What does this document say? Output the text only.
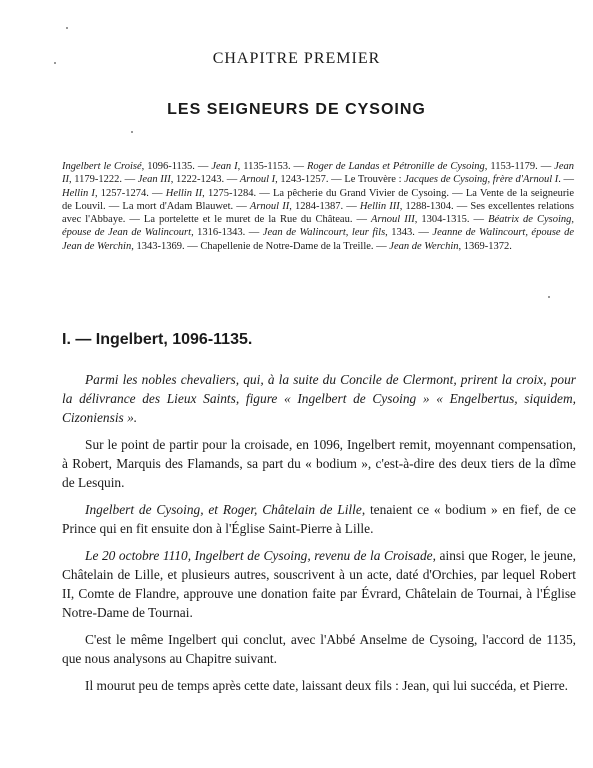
CHAPITRE PREMIER
LES SEIGNEURS DE CYSOING
Ingelbert le Croisé, 1096-1135. — Jean I, 1135-1153. — Roger de Landas et Pétronille de Cysoing, 1153-1179. — Jean II, 1179-1222. — Jean III, 1222-1243. — Arnoul I, 1243-1257. — Le Trouvère : Jacques de Cysoing, frère d'Arnoul I. — Hellin I, 1257-1274. — Hellin II, 1275-1284. — La pêcherie du Grand Vivier de Cysoing. — La Vente de la seigneurie de Louvil. — La mort d'Adam Blauwet. — Arnoul II, 1284-1387. — Hellin III, 1288-1304. — Ses excellentes relations avec l'Abbaye. — La portelette et le muret de la Rue du Château. — Arnoul III, 1304-1315. — Béatrix de Cysoing, épouse de Jean de Walincourt, 1316-1343. — Jean de Walincourt, leur fils, 1343. — Jeanne de Walincourt, épouse de Jean de Werchin, 1343-1369. — Chapellenie de Notre-Dame de la Treille. — Jean de Werchin, 1369-1372.
I. — Ingelbert, 1096-1135.

Parmi les nobles chevaliers, qui, à la suite du Concile de Clermont, prirent la croix, pour la délivrance des Lieux Saints, figure « Ingelbert de Cysoing » « Engelbertus, siquidem, Cizoniensis ».

Sur le point de partir pour la croisade, en 1096, Ingelbert remit, moyennant compensation, à Robert, Marquis des Flamands, sa part du « bodium », c'est-à-dire des deux tiers de la dîme de Lesquin.

Ingelbert de Cysoing, et Roger, Châtelain de Lille, tenaient ce « bodium » en fief, de ce Prince qui en fit ensuite don à l'Église Saint-Pierre à Lille.

Le 20 octobre 1110, Ingelbert de Cysoing, revenu de la Croisade, ainsi que Roger, le jeune, Châtelain de Lille, et plusieurs autres, souscrivent à un acte, daté d'Orchies, par lequel Robert II, Comte de Flandre, approuve une donation faite par Évrard, Châtelain de Tournai, à l'Église Notre-Dame de Tournai.

C'est le même Ingelbert qui conclut, avec l'Abbé Anselme de Cysoing, l'accord de 1135, que nous analysons au Chapitre suivant.

Il mourut peu de temps après cette date, laissant deux fils : Jean, qui lui succéda, et Pierre.
